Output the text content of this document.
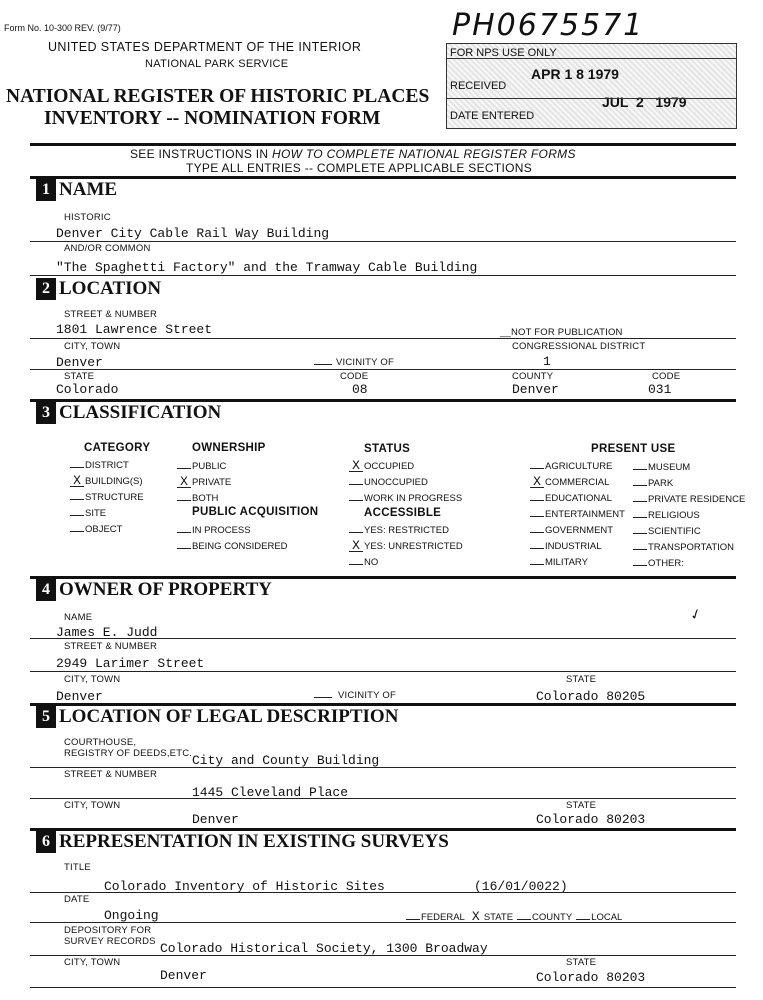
Form No. 10-300 REV. (9/77)
UNITED STATES DEPARTMENT OF THE INTERIOR
NATIONAL PARK SERVICE
NATIONAL REGISTER OF HISTORIC PLACES
INVENTORY -- NOMINATION FORM
PH0675571
FOR NPS USE ONLY
RECEIVED
APR 1 8 1979
DATE ENTERED
JUL  2   1979
SEE INSTRUCTIONS IN HOW TO COMPLETE NATIONAL REGISTER FORMS
TYPE ALL ENTRIES -- COMPLETE APPLICABLE SECTIONS
1 NAME
HISTORIC
Denver City Cable Rail Way Building
AND/OR COMMON
"The Spaghetti Factory" and the Tramway Cable Building
2 LOCATION
STREET & NUMBER
1801 Lawrence Street	__NOT FOR PUBLICATION
CITY, TOWN	CONGRESSIONAL DISTRICT
Denver	VICINITY OF	1
STATE	CODE	COUNTY	CODE
Colorado	08	Denver	031
3 CLASSIFICATION
CATEGORY	OWNERSHIP	STATUS	PRESENT USE
PUBLIC ACQUISITION	ACCESSIBLE
DISTRICT
X BUILDING(S)
STRUCTURE
SITE
OBJECT
PUBLIC
X PRIVATE
BOTH
IN PROCESS
BEING CONSIDERED
X OCCUPIED
UNOCCUPIED
WORK IN PROGRESS
YES: RESTRICTED
X YES: UNRESTRICTED
NO
AGRICULTURE
X COMMERCIAL
EDUCATIONAL
ENTERTAINMENT
GOVERNMENT
INDUSTRIAL
MILITARY
MUSEUM
PARK
PRIVATE RESIDENCE
RELIGIOUS
SCIENTIFIC
TRANSPORTATION
OTHER:
4 OWNER OF PROPERTY
✓
NAME
James E. Judd
STREET & NUMBER
2949 Larimer Street
CITY, TOWN	STATE
Denver	VICINITY OF	Colorado 80205
5 LOCATION OF LEGAL DESCRIPTION
COURTHOUSE,
REGISTRY OF DEEDS,ETC. City and County Building
STREET & NUMBER
1445 Cleveland Place
CITY, TOWN	STATE
Denver	Colorado 80203
6 REPRESENTATION IN EXISTING SURVEYS
TITLE
Colorado Inventory of Historic Sites	(16/01/0022)
DATE
Ongoing	FEDERAL X STATE COUNTY LOCAL
DEPOSITORY FOR
SURVEY RECORDS Colorado Historical Society, 1300 Broadway
CITY, TOWN	STATE
Denver	Colorado 80203
